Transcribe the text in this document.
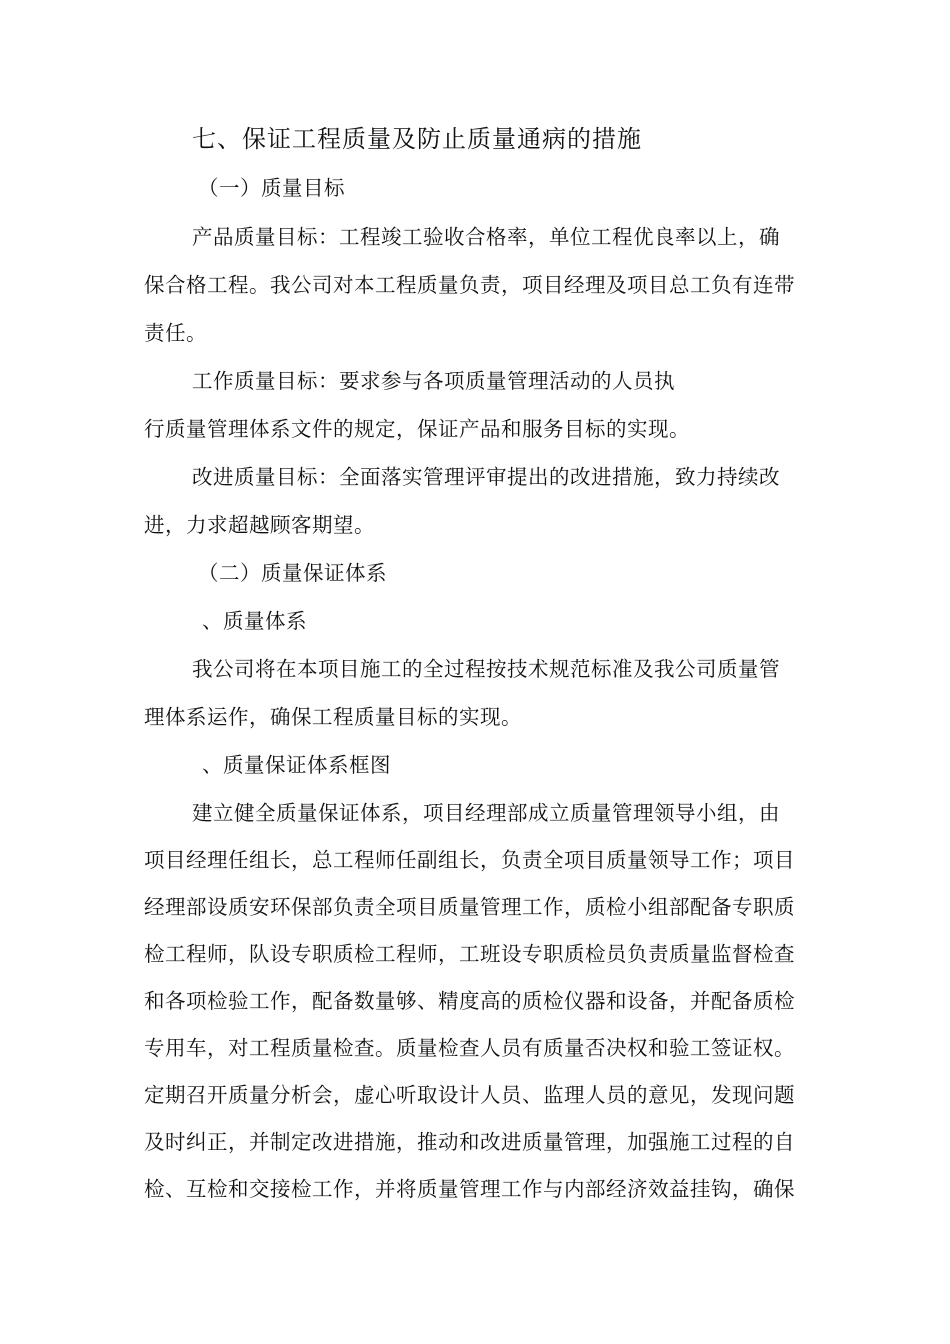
七、保证工程质量及防止质量通病的措施
（一）质量目标
产品质量目标：工程竣工验收合格率，单位工程优良率以上，确
保合格工程。我公司对本工程质量负责，项目经理及项目总工负有连带
责任。
工作质量目标：要求参与各项质量管理活动的人员执
行质量管理体系文件的规定，保证产品和服务目标的实现。
改进质量目标：全面落实管理评审提出的改进措施，致力持续改
进，力求超越顾客期望。
（二）质量保证体系
、质量体系
我公司将在本项目施工的全过程按技术规范标准及我公司质量管
理体系运作，确保工程质量目标的实现。
、质量保证体系框图
建立健全质量保证体系，项目经理部成立质量管理领导小组，由
项目经理任组长，总工程师任副组长，负责全项目质量领导工作；项目
经理部设质安环保部负责全项目质量管理工作，质检小组部配备专职质
检工程师，队设专职质检工程师，工班设专职质检员负责质量监督检查
和各项检验工作，配备数量够、精度高的质检仪器和设备，并配备质检
专用车，对工程质量检查。质量检查人员有质量否决权和验工签证权。
定期召开质量分析会，虚心听取设计人员、监理人员的意见，发现问题
及时纠正，并制定改进措施，推动和改进质量管理，加强施工过程的自
检、互检和交接检工作，并将质量管理工作与内部经济效益挂钩，确保
